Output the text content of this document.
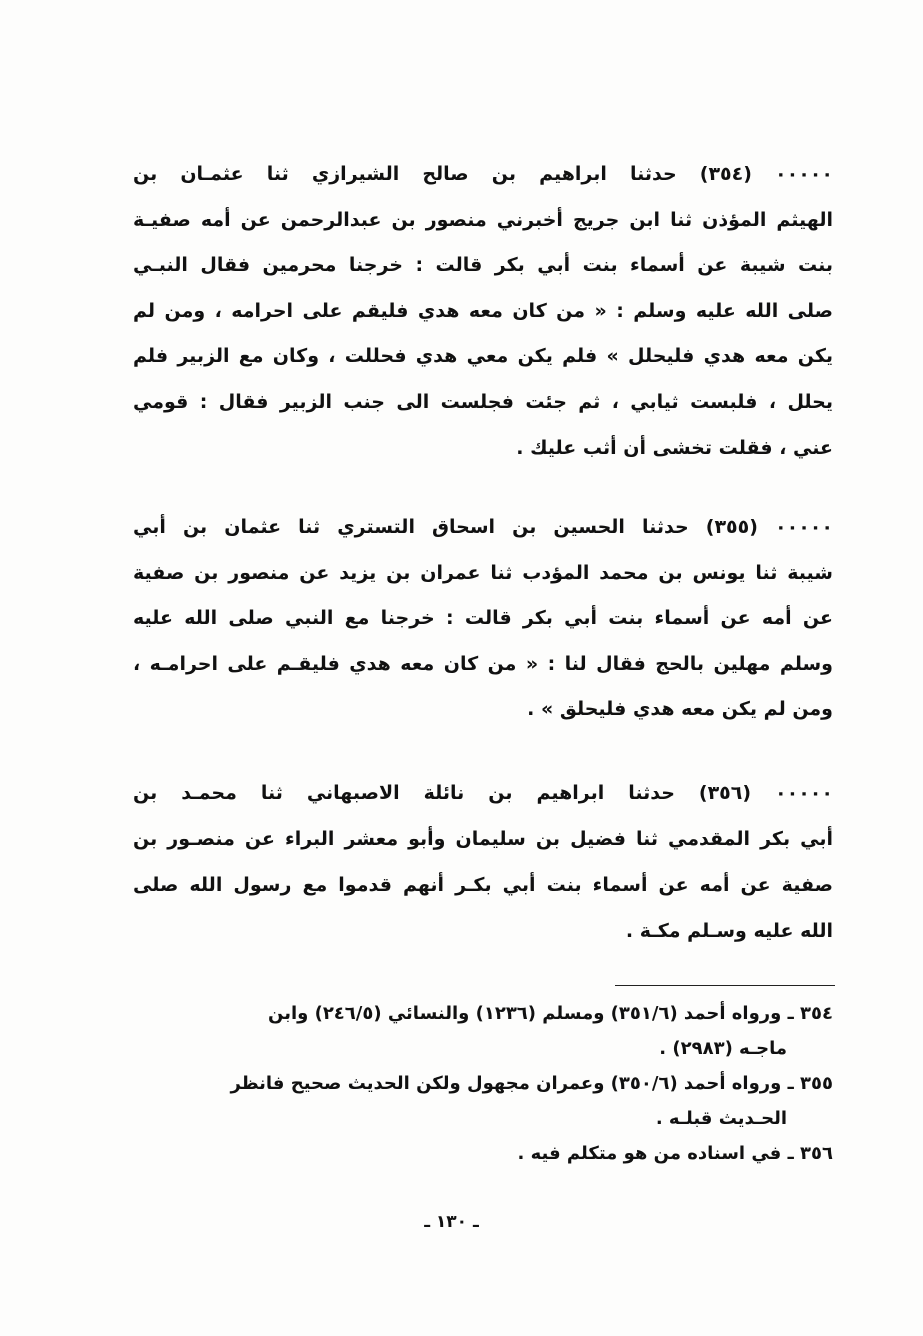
٠٠٠٠٠ (٣٥٤) حدثنا ابراهيم بن صالح الشيرازي ثنا عثمـان بن
الهيثم المؤذن ثنا ابن جريج أخبرني منصور بن عبدالرحمن عن أمه صفيـة
بنت شيبة عن أسماء بنت أبي بكر قالت : خرجنا محرمين فقال النبـي
صلى الله عليه وسلم : « من كان معه هدي فليقم على احرامه ، ومن لم
يكن معه هدي فليحلل » فلم يكن معي هدي فحللت ، وكان مع الزبير فلم
يحلل ، فلبست ثيابي ، ثم جئت فجلست الى جنب الزبير فقال : قومي
عني ، فقلت تخشى أن أثب عليك .
٠٠٠٠٠ (٣٥٥) حدثنا الحسين بن اسحاق التستري ثنا عثمان بن أبي
شيبة ثنا يونس بن محمد المؤدب ثنا عمران بن يزيد عن منصور بن صفية
عن أمه عن أسماء بنت أبي بكر قالت : خرجنا مع النبي صلى الله عليه
وسلم مهلين بالحج فقال لنا : « من كان معه هدي فليقـم على احرامـه ،
ومن لم يكن معه هدي فليحلق » .
٠٠٠٠٠ (٣٥٦) حدثنا ابراهيم بن نائلة الاصبهاني ثنا محمـد بن
أبي بكر المقدمي ثنا فضيل بن سليمان وأبو معشر البراء عن منصـور بن
صفية عن أمه عن أسماء بنت أبي بكـر أنهم قدموا مع رسول الله صلى
الله عليه وسـلم مكـة .
٣٥٤ ـ ورواه أحمد (٣٥١/٦) ومسلم (١٢٣٦) والنسائي (٢٤٦/٥) وابن
ماجـه (٢٩٨٣) .
٣٥٥ ـ ورواه أحمد (٣٥٠/٦) وعمران مجهول ولكن الحديث صحيح فانظر
الحـديث قبلـه .
٣٥٦ ـ في اسناده من هو متكلم فيه .
ـ ١٣٠ ـ
